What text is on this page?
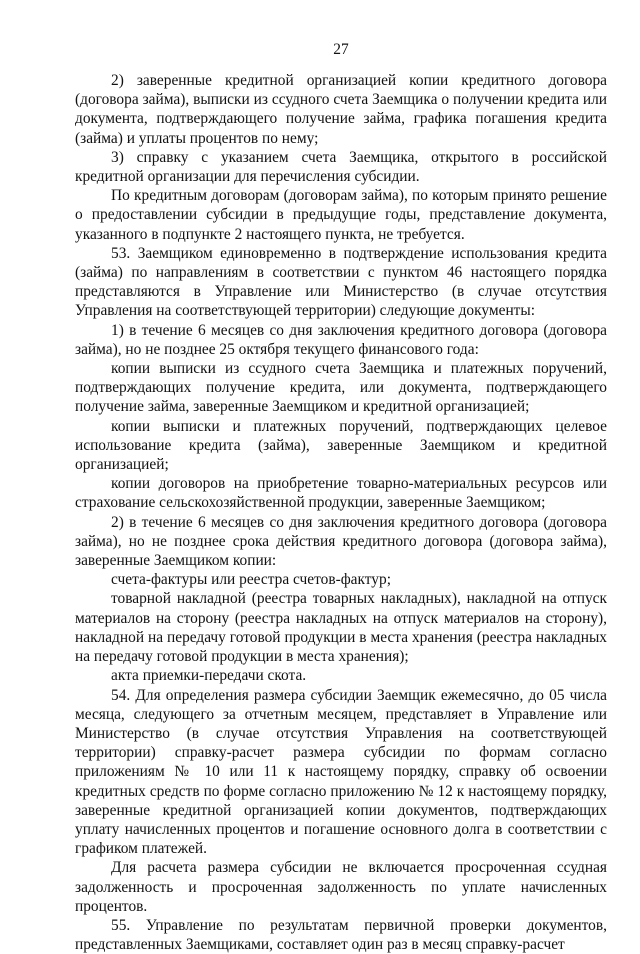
27

2) заверенные кредитной организацией копии кредитного договора (договора займа), выписки из ссудного счета Заемщика о получении кредита или документа, подтверждающего получение займа, графика погашения кредита (займа) и уплаты процентов по нему;

3) справку с указанием счета Заемщика, открытого в российской кредитной организации для перечисления субсидии.

По кредитным договорам (договорам займа), по которым принято решение о предоставлении субсидии в предыдущие годы, представление документа, указанного в подпункте 2 настоящего пункта, не требуется.

53. Заемщиком единовременно в подтверждение использования кредита (займа) по направлениям в соответствии с пунктом 46 настоящего порядка представляются в Управление или Министерство (в случае отсутствия Управления на соответствующей территории) следующие документы:

1) в течение 6 месяцев со дня заключения кредитного договора (договора займа), но не позднее 25 октября текущего финансового года:

копии выписки из ссудного счета Заемщика и платежных поручений, подтверждающих получение кредита, или документа, подтверждающего получение займа, заверенные Заемщиком и кредитной организацией;

копии выписки и платежных поручений, подтверждающих целевое использование кредита (займа), заверенные Заемщиком и кредитной организацией;

копии договоров на приобретение товарно-материальных ресурсов или страхование сельскохозяйственной продукции, заверенные Заемщиком;

2) в течение 6 месяцев со дня заключения кредитного договора (договора займа), но не позднее срока действия кредитного договора (договора займа), заверенные Заемщиком копии:

счета-фактуры или реестра счетов-фактур;

товарной накладной (реестра товарных накладных), накладной на отпуск материалов на сторону (реестра накладных на отпуск материалов на сторону), накладной на передачу готовой продукции в места хранения (реестра накладных на передачу готовой продукции в места хранения);

акта приемки-передачи скота.

54. Для определения размера субсидии Заемщик ежемесячно, до 05 числа месяца, следующего за отчетным месяцем, представляет в Управление или Министерство (в случае отсутствия Управления на соответствующей территории) справку-расчет размера субсидии по формам согласно приложениям № 10 или 11 к настоящему порядку, справку об освоении кредитных средств по форме согласно приложению № 12 к настоящему порядку, заверенные кредитной организацией копии документов, подтверждающих уплату начисленных процентов и погашение основного долга в соответствии с графиком платежей.

Для расчета размера субсидии не включается просроченная ссудная задолженность и просроченная задолженность по уплате начисленных процентов.

55. Управление по результатам первичной проверки документов, представленных Заемщиками, составляет один раз в месяц справку-расчет
